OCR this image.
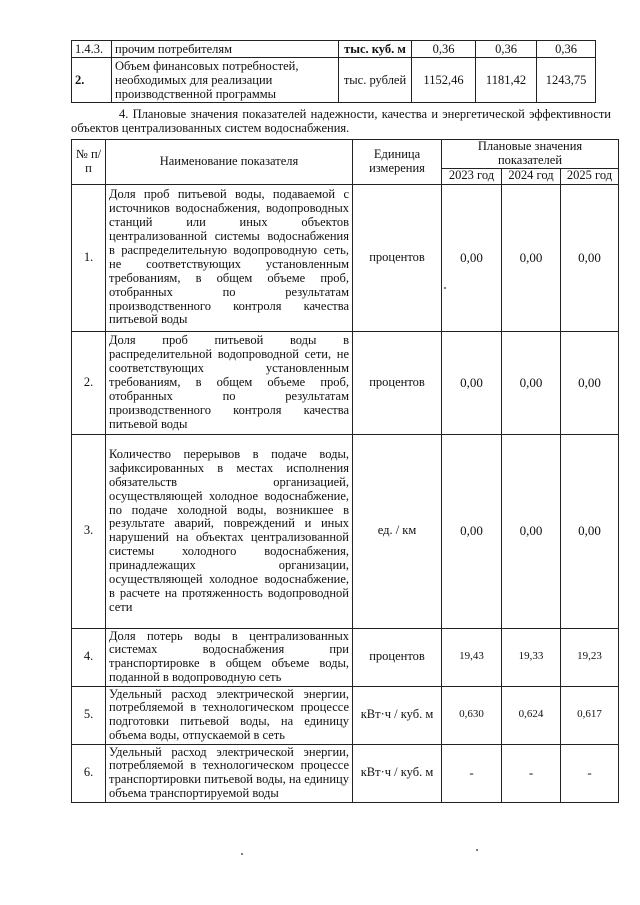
1.4.3.	прочим потребителям	тыс. куб. м	0,36	0,36	0,36
2.	Объем финансовых потребностей, необходимых для реализации производственной программы	тыс. рублей	1152,46	1181,42	1243,75
4. Плановые значения показателей надежности, качества и энергетической эффективности объектов централизованных систем водоснабжения.
№ п/п	Наименование показателя	Единица измерения	Плановые значения показателей		
			2023 год	2024 год	2025 год
1.	Доля проб питьевой воды, подаваемой с источников водоснабжения, водопроводных станций или иных объектов централизованной системы водоснабжения в распределительную водопроводную сеть, не соответствующих установленным требованиям, в общем объеме проб, отобранных по результатам производственного контроля качества питьевой воды	процентов	0,00	0,00	0,00
2.	Доля проб питьевой воды в распределительной водопроводной сети, не соответствующих установленным требованиям, в общем объеме проб, отобранных по результатам производственного контроля качества питьевой воды	процентов	0,00	0,00	0,00
3.	Количество перерывов в подаче воды, зафиксированных в местах исполнения обязательств организацией, осуществляющей холодное водоснабжение, по подаче холодной воды, возникшее в результате аварий, повреждений и иных нарушений на объектах централизованной системы холодного водоснабжения, принадлежащих организации, осуществляющей холодное водоснабжение, в расчете на протяженность водопроводной сети	ед. / км	0,00	0,00	0,00
4.	Доля потерь воды в централизованных системах водоснабжения при транспортировке в общем объеме воды, поданной в водопроводную сеть	процентов	19,43	19,33	19,23
5.	Удельный расход электрической энергии, потребляемой в технологическом процессе подготовки питьевой воды, на единицу объема воды, отпускаемой в сеть	кВт·ч / куб. м	0,630	0,624	0,617
6.	Удельный расход электрической энергии, потребляемой в технологическом процессе транспортировки питьевой воды, на единицу объема транспортируемой воды	кВт·ч / куб. м	-	-	-
